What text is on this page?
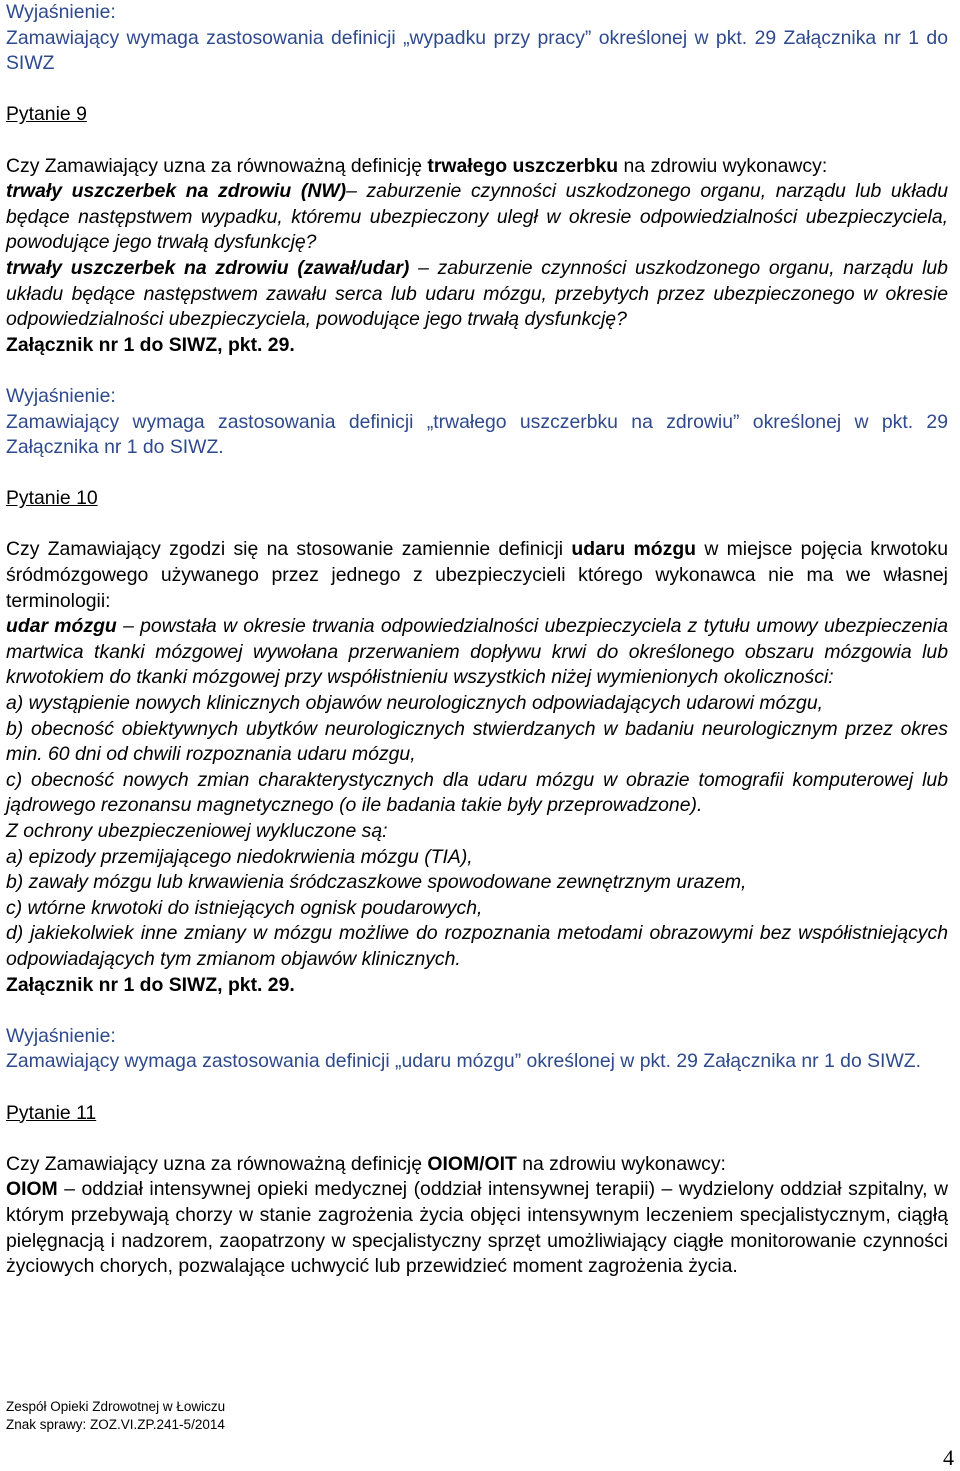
Wyjaśnienie:

Zamawiający wymaga zastosowania definicji „wypadku przy pracy” określonej w pkt. 29 Załącznika nr 1 do SIWZ

Pytanie 9

Czy Zamawiający uzna za równoważną definicję trwałego uszczerbku na zdrowiu wykonawcy:

trwały uszczerbek na zdrowiu (NW)– zaburzenie czynności uszkodzonego organu, narządu lub układu będące następstwem wypadku, któremu ubezpieczony uległ w okresie odpowiedzialności ubezpieczyciela, powodujące jego trwałą dysfunkcję?

trwały uszczerbek na zdrowiu (zawał/udar) – zaburzenie czynności uszkodzonego organu, narządu lub układu będące następstwem zawału serca lub udaru mózgu, przebytych przez ubezpieczonego w okresie odpowiedzialności ubezpieczyciela, powodujące jego trwałą dysfunkcję?

Załącznik nr 1 do SIWZ, pkt. 29.

Wyjaśnienie:

Zamawiający wymaga zastosowania definicji „trwałego uszczerbku na zdrowiu” określonej w pkt. 29 Załącznika nr 1 do SIWZ.

Pytanie 10

Czy Zamawiający zgodzi się na stosowanie zamiennie definicji udaru mózgu w miejsce pojęcia krwotoku śródmózgowego używanego przez jednego z ubezpieczycieli którego wykonawca nie ma we własnej terminologii:

udar mózgu – powstała w okresie trwania odpowiedzialności ubezpieczyciela z tytułu umowy ubezpieczenia martwica tkanki mózgowej wywołana przerwaniem dopływu krwi do określonego obszaru mózgowia lub krwotokiem do tkanki mózgowej przy współistnieniu wszystkich niżej wymienionych okoliczności:

a) wystąpienie nowych klinicznych objawów neurologicznych odpowiadających udarowi mózgu,

b) obecność obiektywnych ubytków neurologicznych stwierdzanych w badaniu neurologicznym przez okres min. 60 dni od chwili rozpoznania udaru mózgu,

c) obecność nowych zmian charakterystycznych dla udaru mózgu w obrazie tomografii komputerowej lub jądrowego rezonansu magnetycznego (o ile badania takie były przeprowadzone).

Z ochrony ubezpieczeniowej wykluczone są:

a) epizody przemijającego niedokrwienia mózgu (TIA),

b) zawały mózgu lub krwawienia śródczaszkowe spowodowane zewnętrznym urazem,

c) wtórne krwotoki do istniejących ognisk poudarowych,

d) jakiekolwiek inne zmiany w mózgu możliwe do rozpoznania metodami obrazowymi bez współistniejących odpowiadających tym zmianom objawów klinicznych.

Załącznik nr 1 do SIWZ, pkt. 29.

Wyjaśnienie:

Zamawiający wymaga zastosowania definicji „udaru mózgu” określonej w pkt. 29 Załącznika nr 1 do SIWZ.

Pytanie 11

Czy Zamawiający uzna za równoważną definicję OIOM/OIT na zdrowiu wykonawcy:

OIOM – oddział intensywnej opieki medycznej (oddział intensywnej terapii) – wydzielony oddział szpitalny, w którym przebywają chorzy w stanie zagrożenia życia objęci intensywnym leczeniem specjalistycznym, ciągłą pielęgnacją i nadzorem, zaopatrzony w specjalistyczny sprzęt umożliwiający ciągłe monitorowanie czynności życiowych chorych, pozwalające uchwycić lub przewidzieć moment zagrożenia życia.

Zespół Opieki Zdrowotnej w Łowiczu
Znak sprawy: ZOZ.VI.ZP.241-5/2014
4
